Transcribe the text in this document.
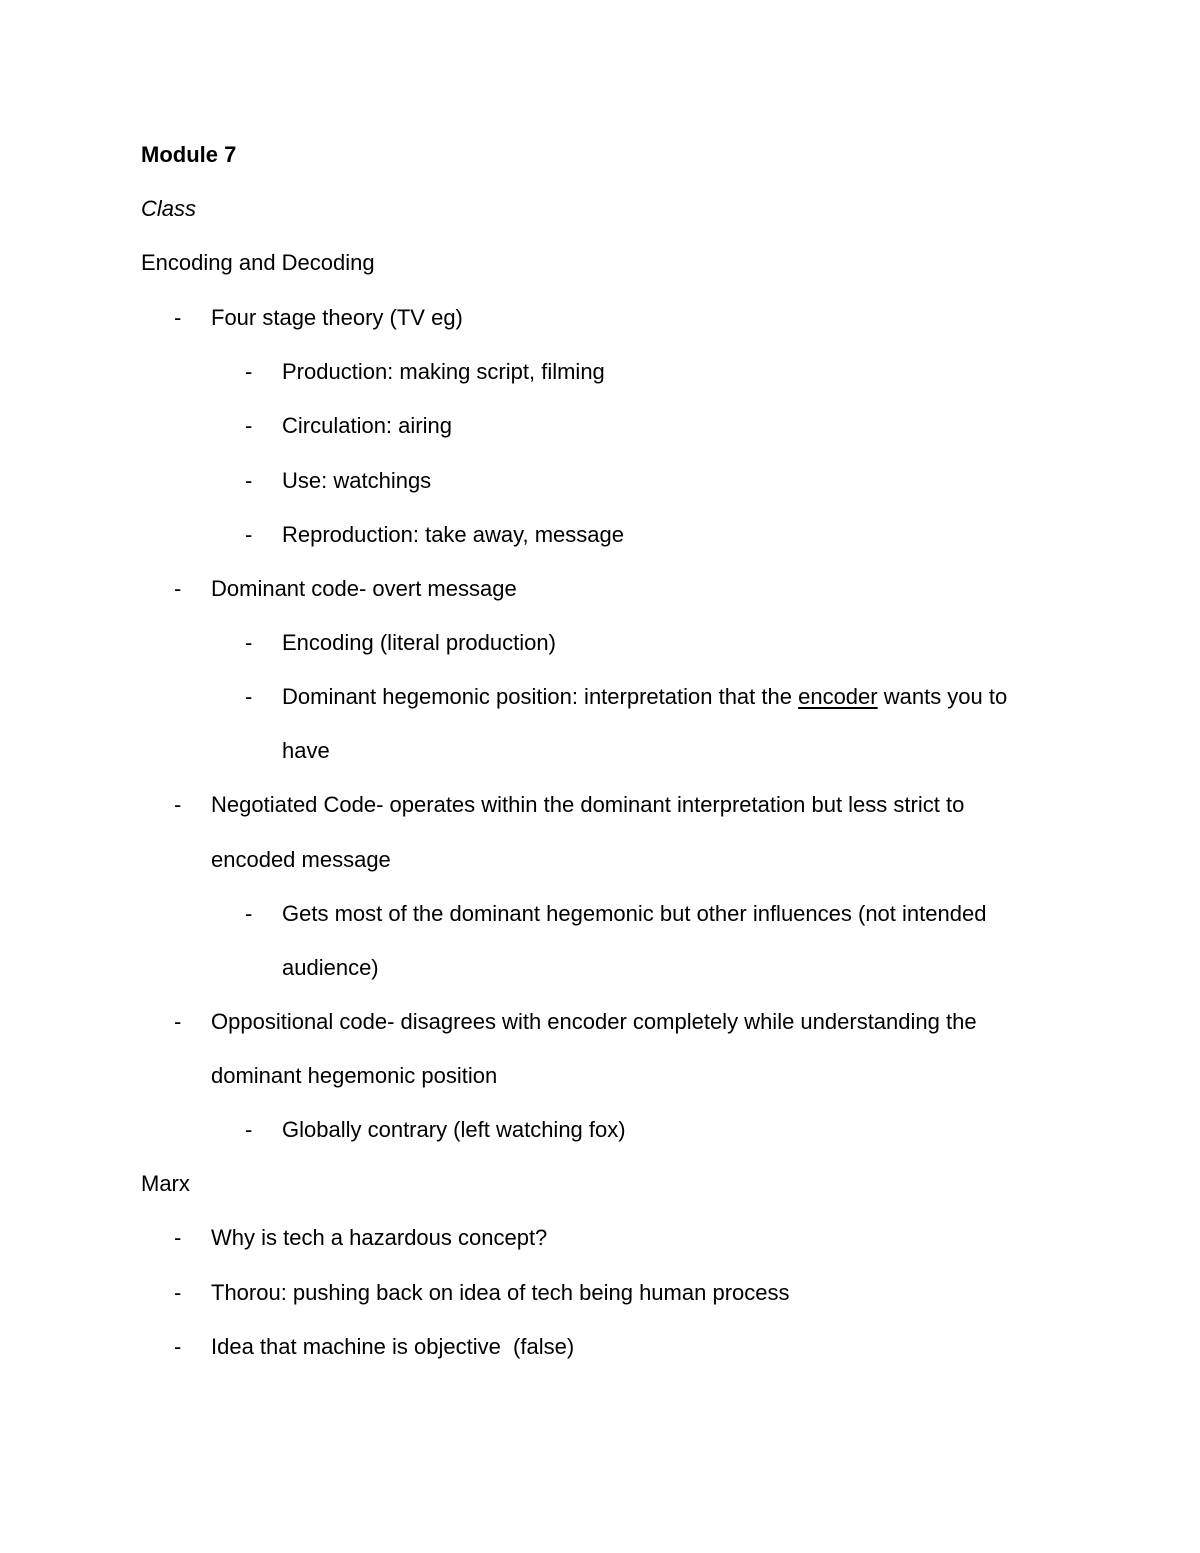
Module 7

Class

Encoding and Decoding

- Four stage theory (TV eg)

- Production: making script, filming

- Circulation: airing

- Use: watchings

- Reproduction: take away, message

- Dominant code- overt message

- Encoding (literal production)

- Dominant hegemonic position: interpretation that the encoder wants you to

have

- Negotiated Code- operates within the dominant interpretation but less strict to

encoded message

- Gets most of the dominant hegemonic but other influences (not intended

audience)

- Oppositional code- disagrees with encoder completely while understanding the

dominant hegemonic position

- Globally contrary (left watching fox)

Marx

- Why is tech a hazardous concept?

- Thorou: pushing back on idea of tech being human process

- Idea that machine is objective  (false)
